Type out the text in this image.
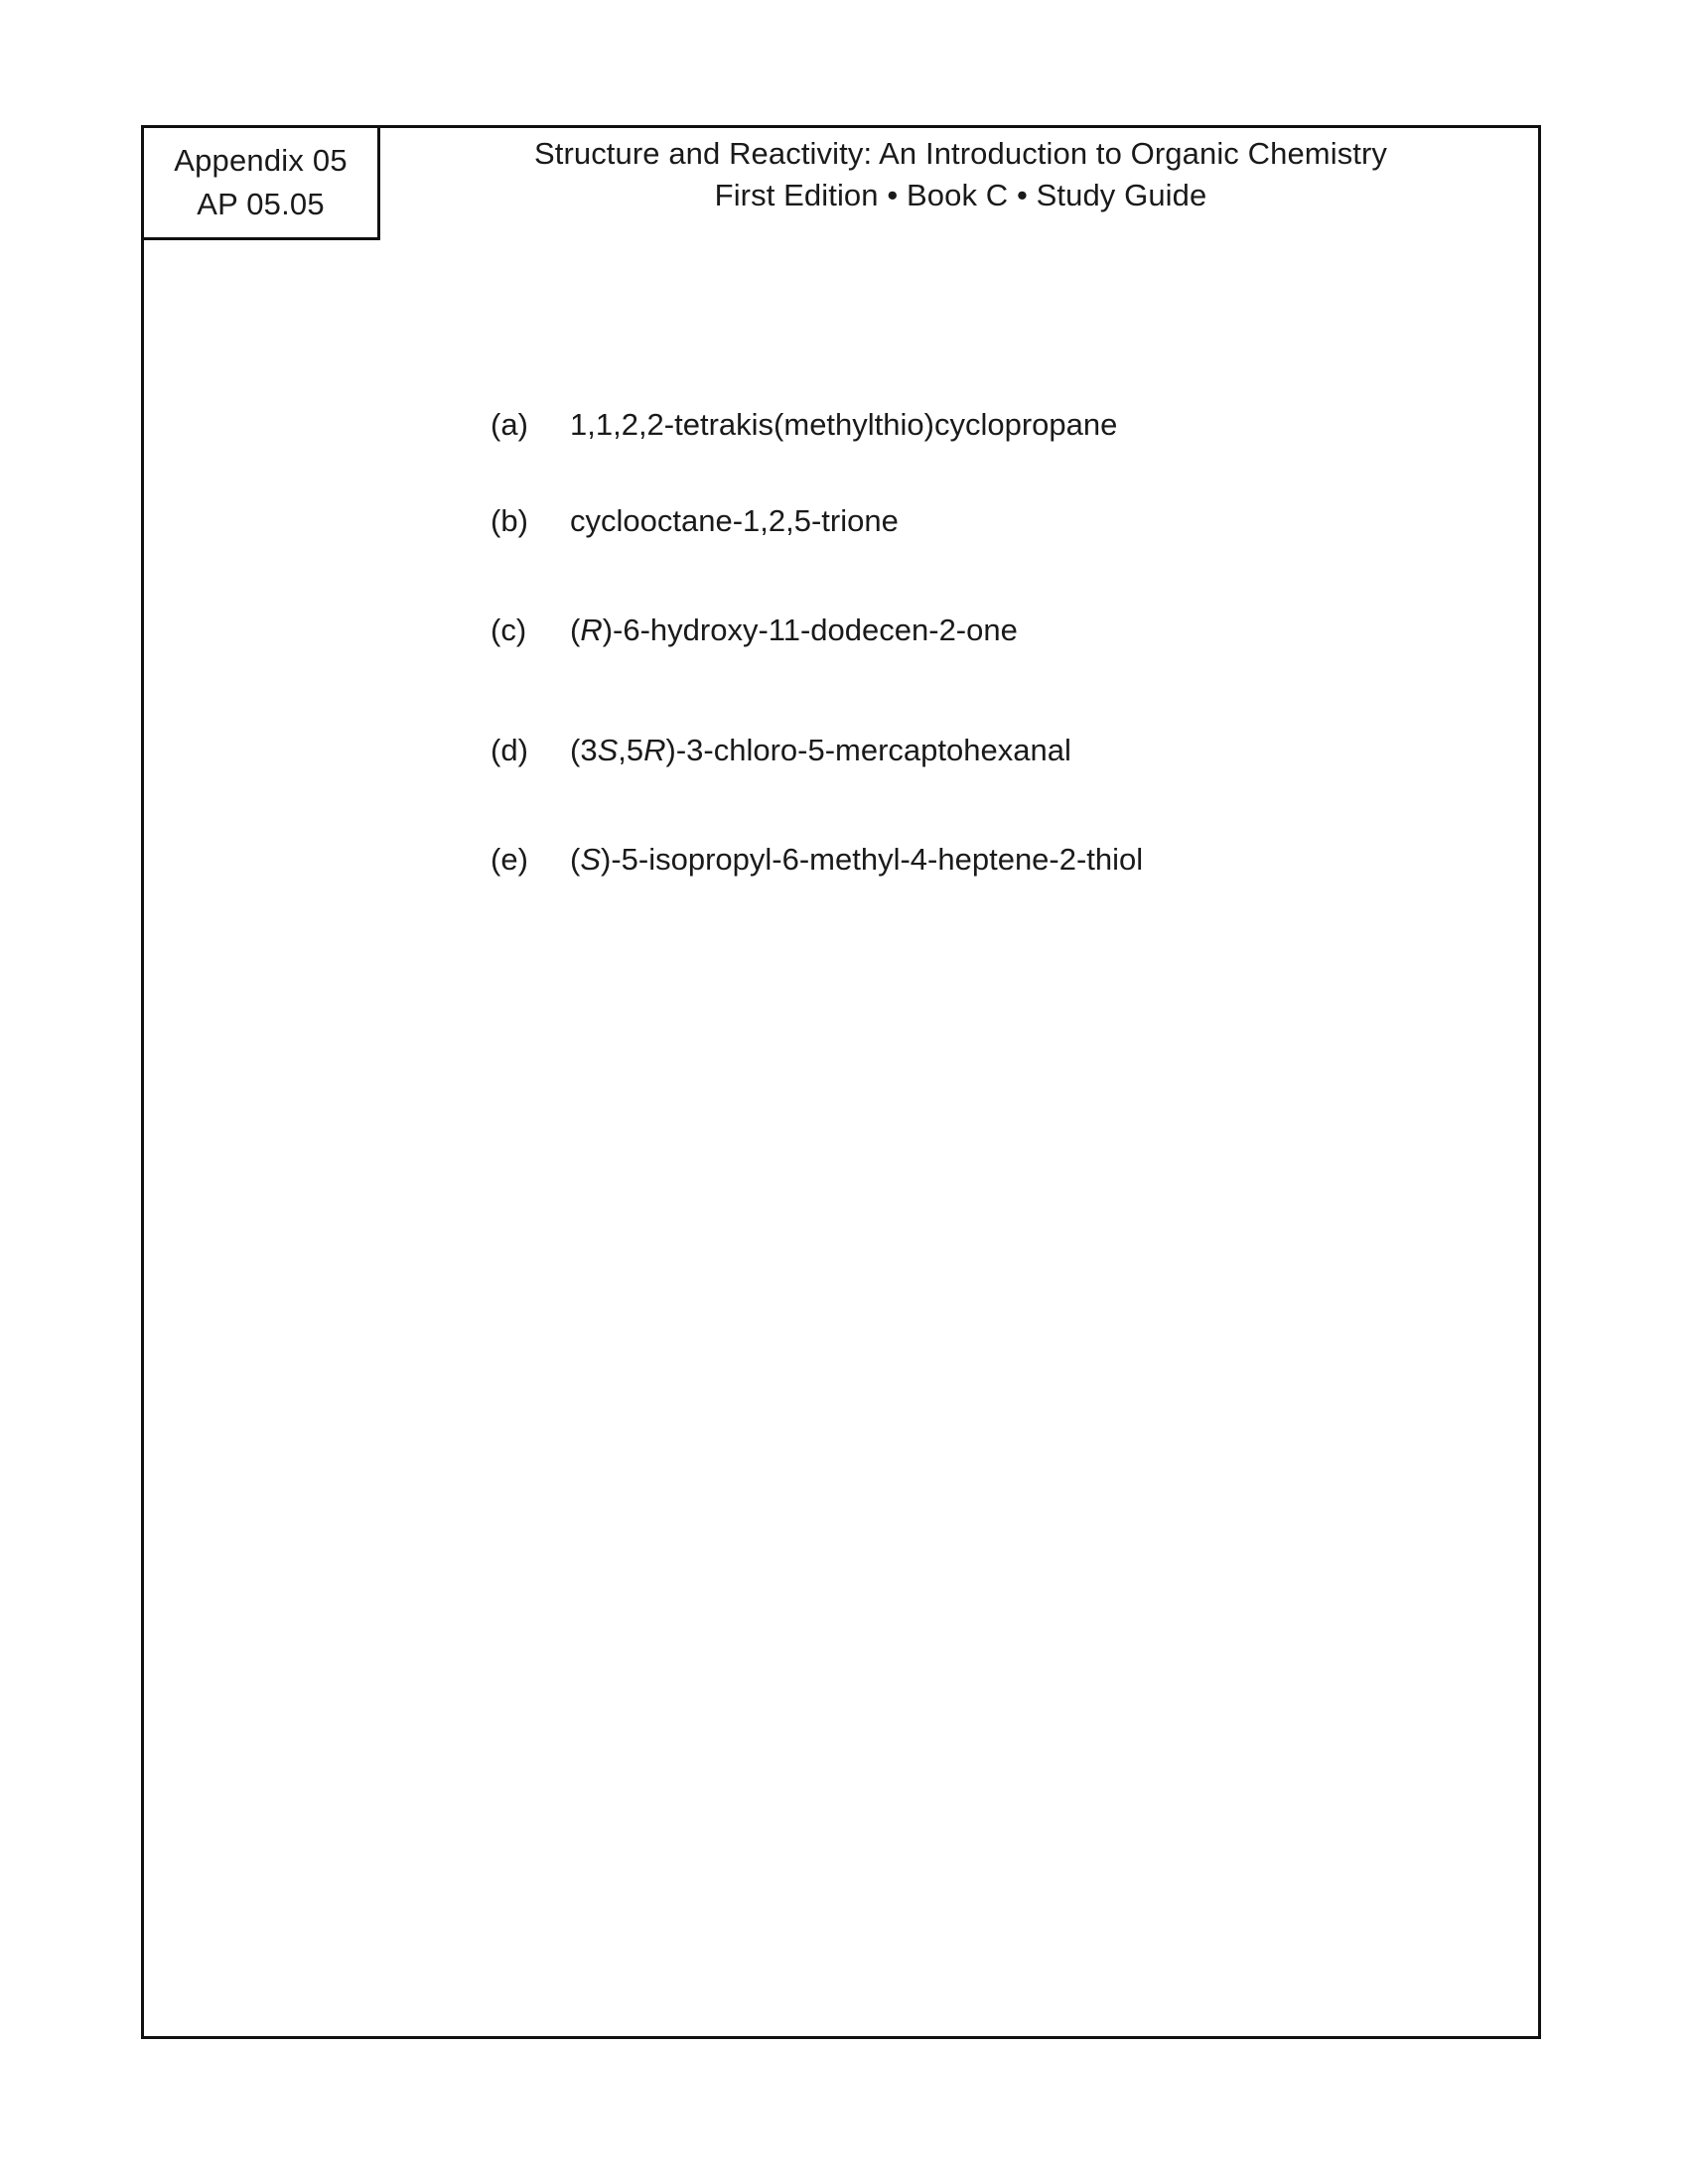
Appendix 05
AP 05.05
Structure and Reactivity: An Introduction to Organic Chemistry
First Edition • Book C • Study Guide
(a) 1,1,2,2-tetrakis(methylthio)cyclopropane
(b) cyclooctane-1,2,5-trione
(c) (R)-6-hydroxy-11-dodecen-2-one
(d) (3S,5R)-3-chloro-5-mercaptohexanal
(e) (S)-5-isopropyl-6-methyl-4-heptene-2-thiol
